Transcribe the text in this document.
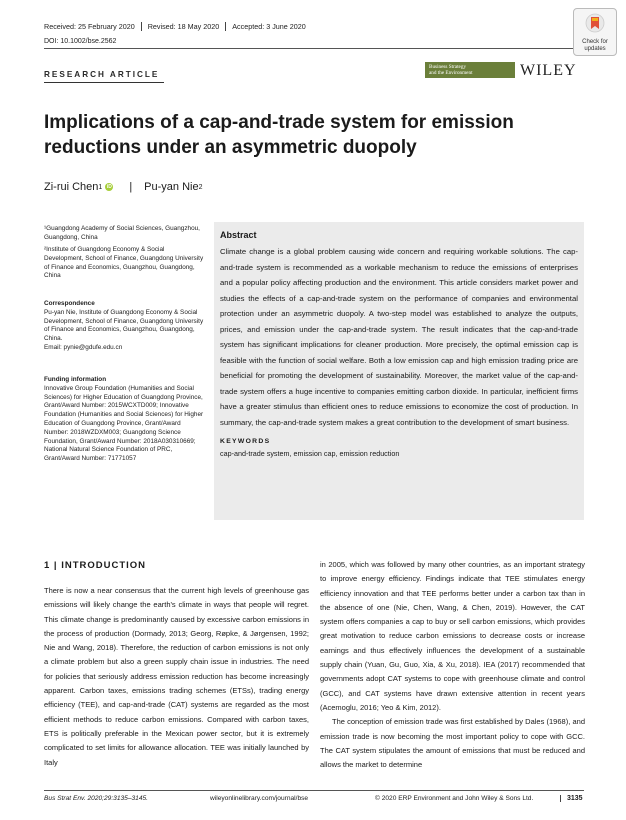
Received: 25 February 2020	Revised: 18 May 2020	Accepted: 3 June 2020
DOI: 10.1002/bse.2562	Check for
updates
RESEARCH ARTICLE
Business Strategy
and the Environment	WILEY
Implications of a cap-and-trade system for emission reductions under an asymmetric duopoly
Zi-rui Chen 1 iD | Pu-yan Nie 2
¹Guangdong Academy of Social Sciences, Guangzhou, Guangdong, China
²Institute of Guangdong Economy & Social Development, School of Finance, Guangdong University of Finance and Economics, Guangzhou, Guangdong, China
Correspondence
Pu-yan Nie, Institute of Guangdong Economy & Social Development, School of Finance, Guangdong University of Finance and Economics, Guangzhou, Guangdong, China.
Email: pynie@gdufe.edu.cn
Funding information
Innovative Group Foundation (Humanities and Social Sciences) for Higher Education of Guangdong Province, Grant/Award Number: 2015WCXTD009; Innovative Foundation (Humanities and Social Sciences) for Higher Education of Guangdong Province, Grant/Award Number: 2018WZDXM003; Guangdong Science Foundation, Grant/Award Number: 2018A030310669; National Natural Science Foundation of PRC, Grant/Award Number: 71771057
Abstract
Climate change is a global problem causing wide concern and requiring workable solutions. The cap-and-trade system is recommended as a workable mechanism to reduce the emissions of enterprises and a popular policy affecting production and the environment. This article considers market power and studies the effects of a cap-and-trade system on the performance of companies and environmental protection under an asymmetric duopoly. A two-step model was established to analyze the outputs, prices, and emission under the cap-and-trade system. The result indicates that the cap-and-trade system has significant implications for cleaner production. More precisely, the optimal emission cap is feasible with the function of social welfare. Both a low emission cap and high emission trading price are beneficial for promoting the development of sustainability. Moreover, the market value of the cap-and-trade system offers a huge incentive to companies emitting carbon dioxide. In particular, inefficient firms have a greater stimulus than efficient ones to reduce emissions to economize the cost of production. In summary, the cap-and-trade system makes a great contribution to the development of smart business.
KEYWORDS
cap-and-trade system, emission cap, emission reduction
1 | INTRODUCTION

There is now a near consensus that the current high levels of greenhouse gas emissions will likely change the earth's climate in ways that people will regret. This climate change is predominantly caused by excessive carbon emissions in the process of production (Dormady, 2013; Georg, Røpke, & Jørgensen, 1992; Nie and Wang, 2018). Therefore, the reduction of carbon emissions is not only a climate problem but also a green supply chain issue in industries. The need for policies that seriously address emission reduction has become increasingly apparent. Carbon taxes, emissions trading schemes (ETSs), trading energy efficiency (TEE), and cap-and-trade (CAT) systems are regarded as the most efficient methods to reduce carbon emissions. Compared with carbon taxes, ETS is politically preferable in the Mexican power sector, but it is extremely complicated to set limits for allowance allocation. TEE was initially launched by Italy

in 2005, which was followed by many other countries, as an important strategy to improve energy efficiency. Findings indicate that TEE stimulates energy efficiency innovation and that TEE performs better under a carbon tax than in the absence of one (Nie, Chen, Wang, & Chen, 2019). However, the CAT system offers companies a cap to buy or sell carbon emissions, which provides great motivation to reduce carbon emissions to decrease costs or increase earnings and thus effectively influences the development of a sustainable supply chain (Yuan, Gu, Guo, Xia, & Xu, 2018). IEA (2017) recommended that governments adopt CAT systems to cope with greenhouse climate and control (GCC), and CAT systems have drawn extensive attention in recent years (Acemoglu, 2016; Yeo & Kim, 2012).

The conception of emission trade was first established by Dales (1968), and emission trade is now becoming the most important policy to cope with GCC. The CAT system stipulates the amount of emissions that must be reduced and allows the market to determine

Bus Strat Env. 2020;29:3135–3145.	wileyonlinelibrary.com/journal/bse	© 2020 ERP Environment and John Wiley & Sons Ltd.	3135
